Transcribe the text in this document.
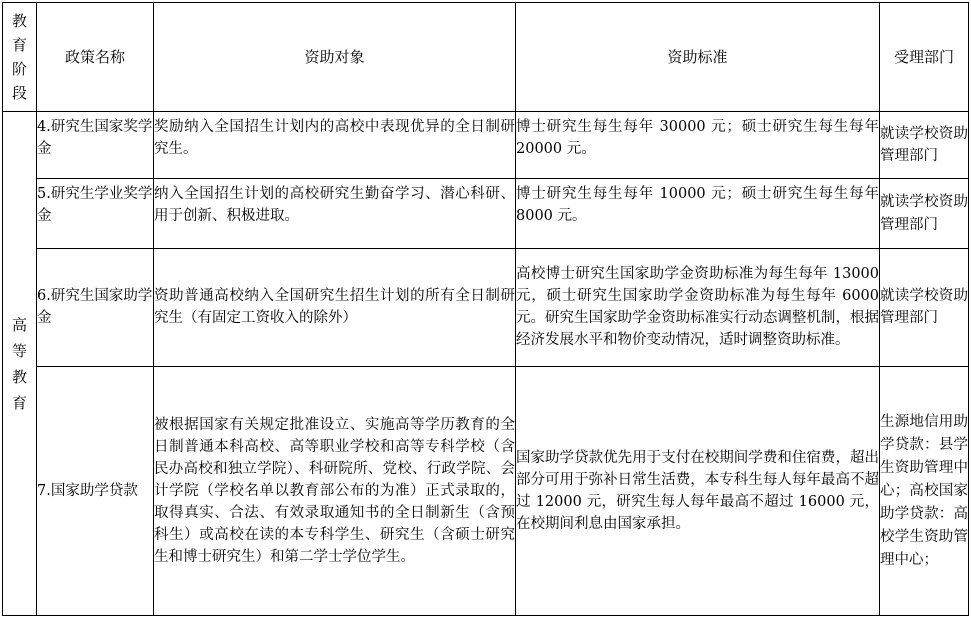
教育阶段	政策名称	资助对象	资助标准	受理部门

高等教育	4.研究生国家奖学金	奖励纳入全国招生计划内的高校中表现优异的全日制研究生。	博士研究生每生每年 30000 元；硕士研究生每生每年 20000 元。	就读学校资助管理部门
	5.研究生学业奖学金	纳入全国招生计划的高校研究生勤奋学习、潜心科研、用于创新、积极进取。	博士研究生每生每年 10000 元；硕士研究生每生每年 8000 元。	就读学校资助管理部门
	6.研究生国家助学金	资助普通高校纳入全国研究生招生计划的所有全日制研究生（有固定工资收入的除外）	高校博士研究生国家助学金资助标准为每生每年 13000 元，硕士研究生国家助学金资助标准为每生每年 6000 元。研究生国家助学金资助标准实行动态调整机制，根据经济发展水平和物价变动情况，适时调整资助标准。	就读学校资助管理部门
	7.国家助学贷款	被根据国家有关规定批准设立、实施高等学历教育的全日制普通本科高校、高等职业学校和高等专科学校（含民办高校和独立学院）、科研院所、党校、行政学院、会计学院（学校名单以教育部公布的为准）正式录取的，取得真实、合法、有效录取通知书的全日制新生（含预科生）或高校在读的本专科学生、研究生（含硕士研究生和博士研究生）和第二学士学位学生。	国家助学贷款优先用于支付在校期间学费和住宿费，超出部分可用于弥补日常生活费，本专科生每人每年最高不超过 12000 元，研究生每人每年最高不超过 16000 元，在校期间利息由国家承担。	生源地信用助学贷款：县学生资助管理中心；高校国家助学贷款：高校学生资助管理中心；
